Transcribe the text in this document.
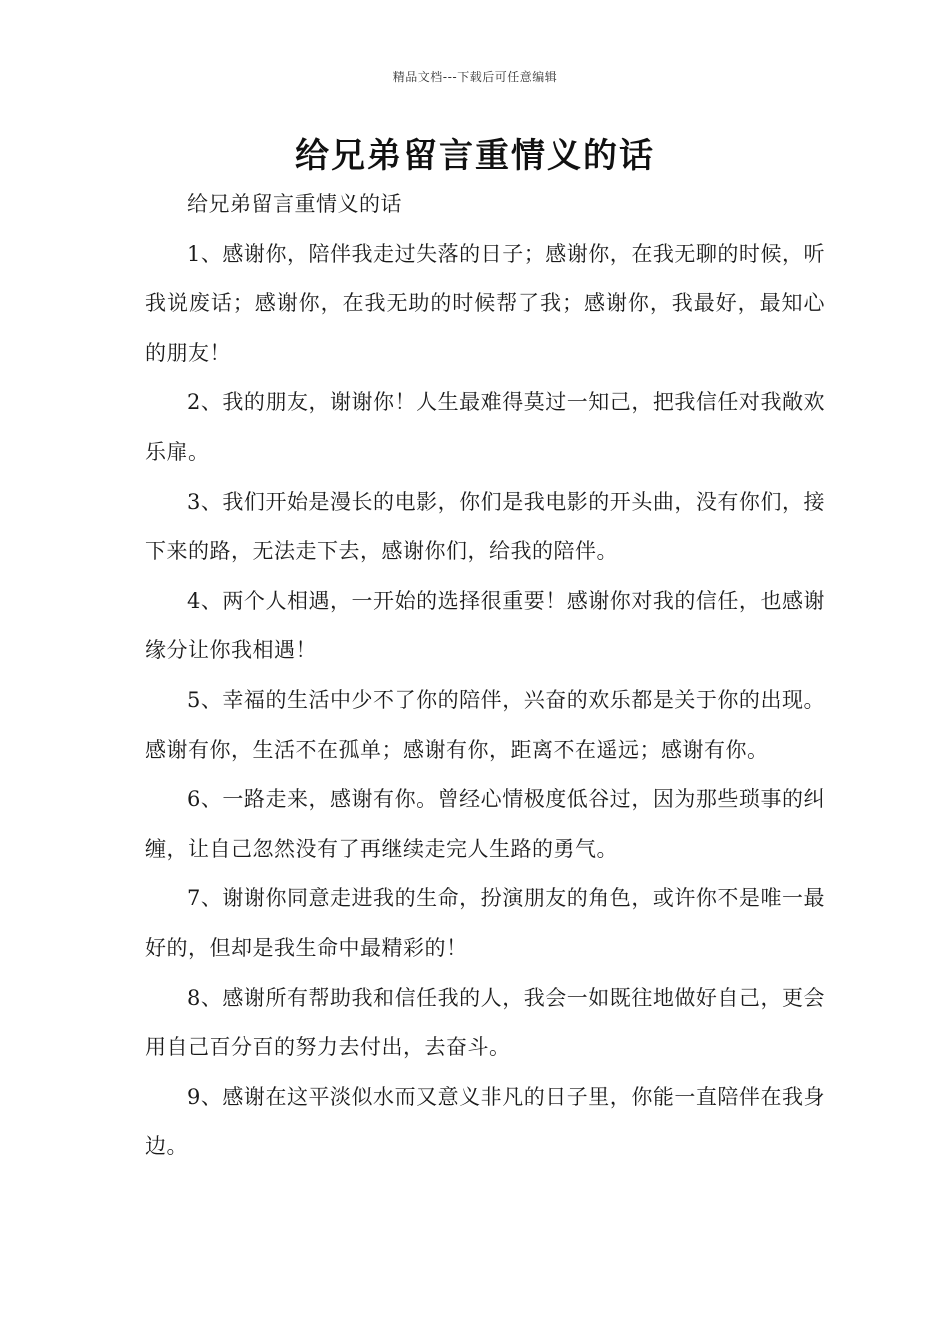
精品文档---下载后可任意编辑
给兄弟留言重情义的话

给兄弟留言重情义的话

1、感谢你，陪伴我走过失落的日子；感谢你，在我无聊的时候，听我说废话；感谢你，在我无助的时候帮了我；感谢你，我最好，最知心的朋友！

2、我的朋友，谢谢你！人生最难得莫过一知己，把我信任对我敞欢乐扉。

3、我们开始是漫长的电影，你们是我电影的开头曲，没有你们，接下来的路，无法走下去，感谢你们，给我的陪伴。

4、两个人相遇，一开始的选择很重要！感谢你对我的信任，也感谢缘分让你我相遇！

5、幸福的生活中少不了你的陪伴，兴奋的欢乐都是关于你的出现。感谢有你，生活不在孤单；感谢有你，距离不在遥远；感谢有你。

6、一路走来，感谢有你。曾经心情极度低谷过，因为那些琐事的纠缠，让自己忽然没有了再继续走完人生路的勇气。

7、谢谢你同意走进我的生命，扮演朋友的角色，或许你不是唯一最好的，但却是我生命中最精彩的！

8、感谢所有帮助我和信任我的人，我会一如既往地做好自己，更会用自己百分百的努力去付出，去奋斗。

9、感谢在这平淡似水而又意义非凡的日子里，你能一直陪伴在我身边。
